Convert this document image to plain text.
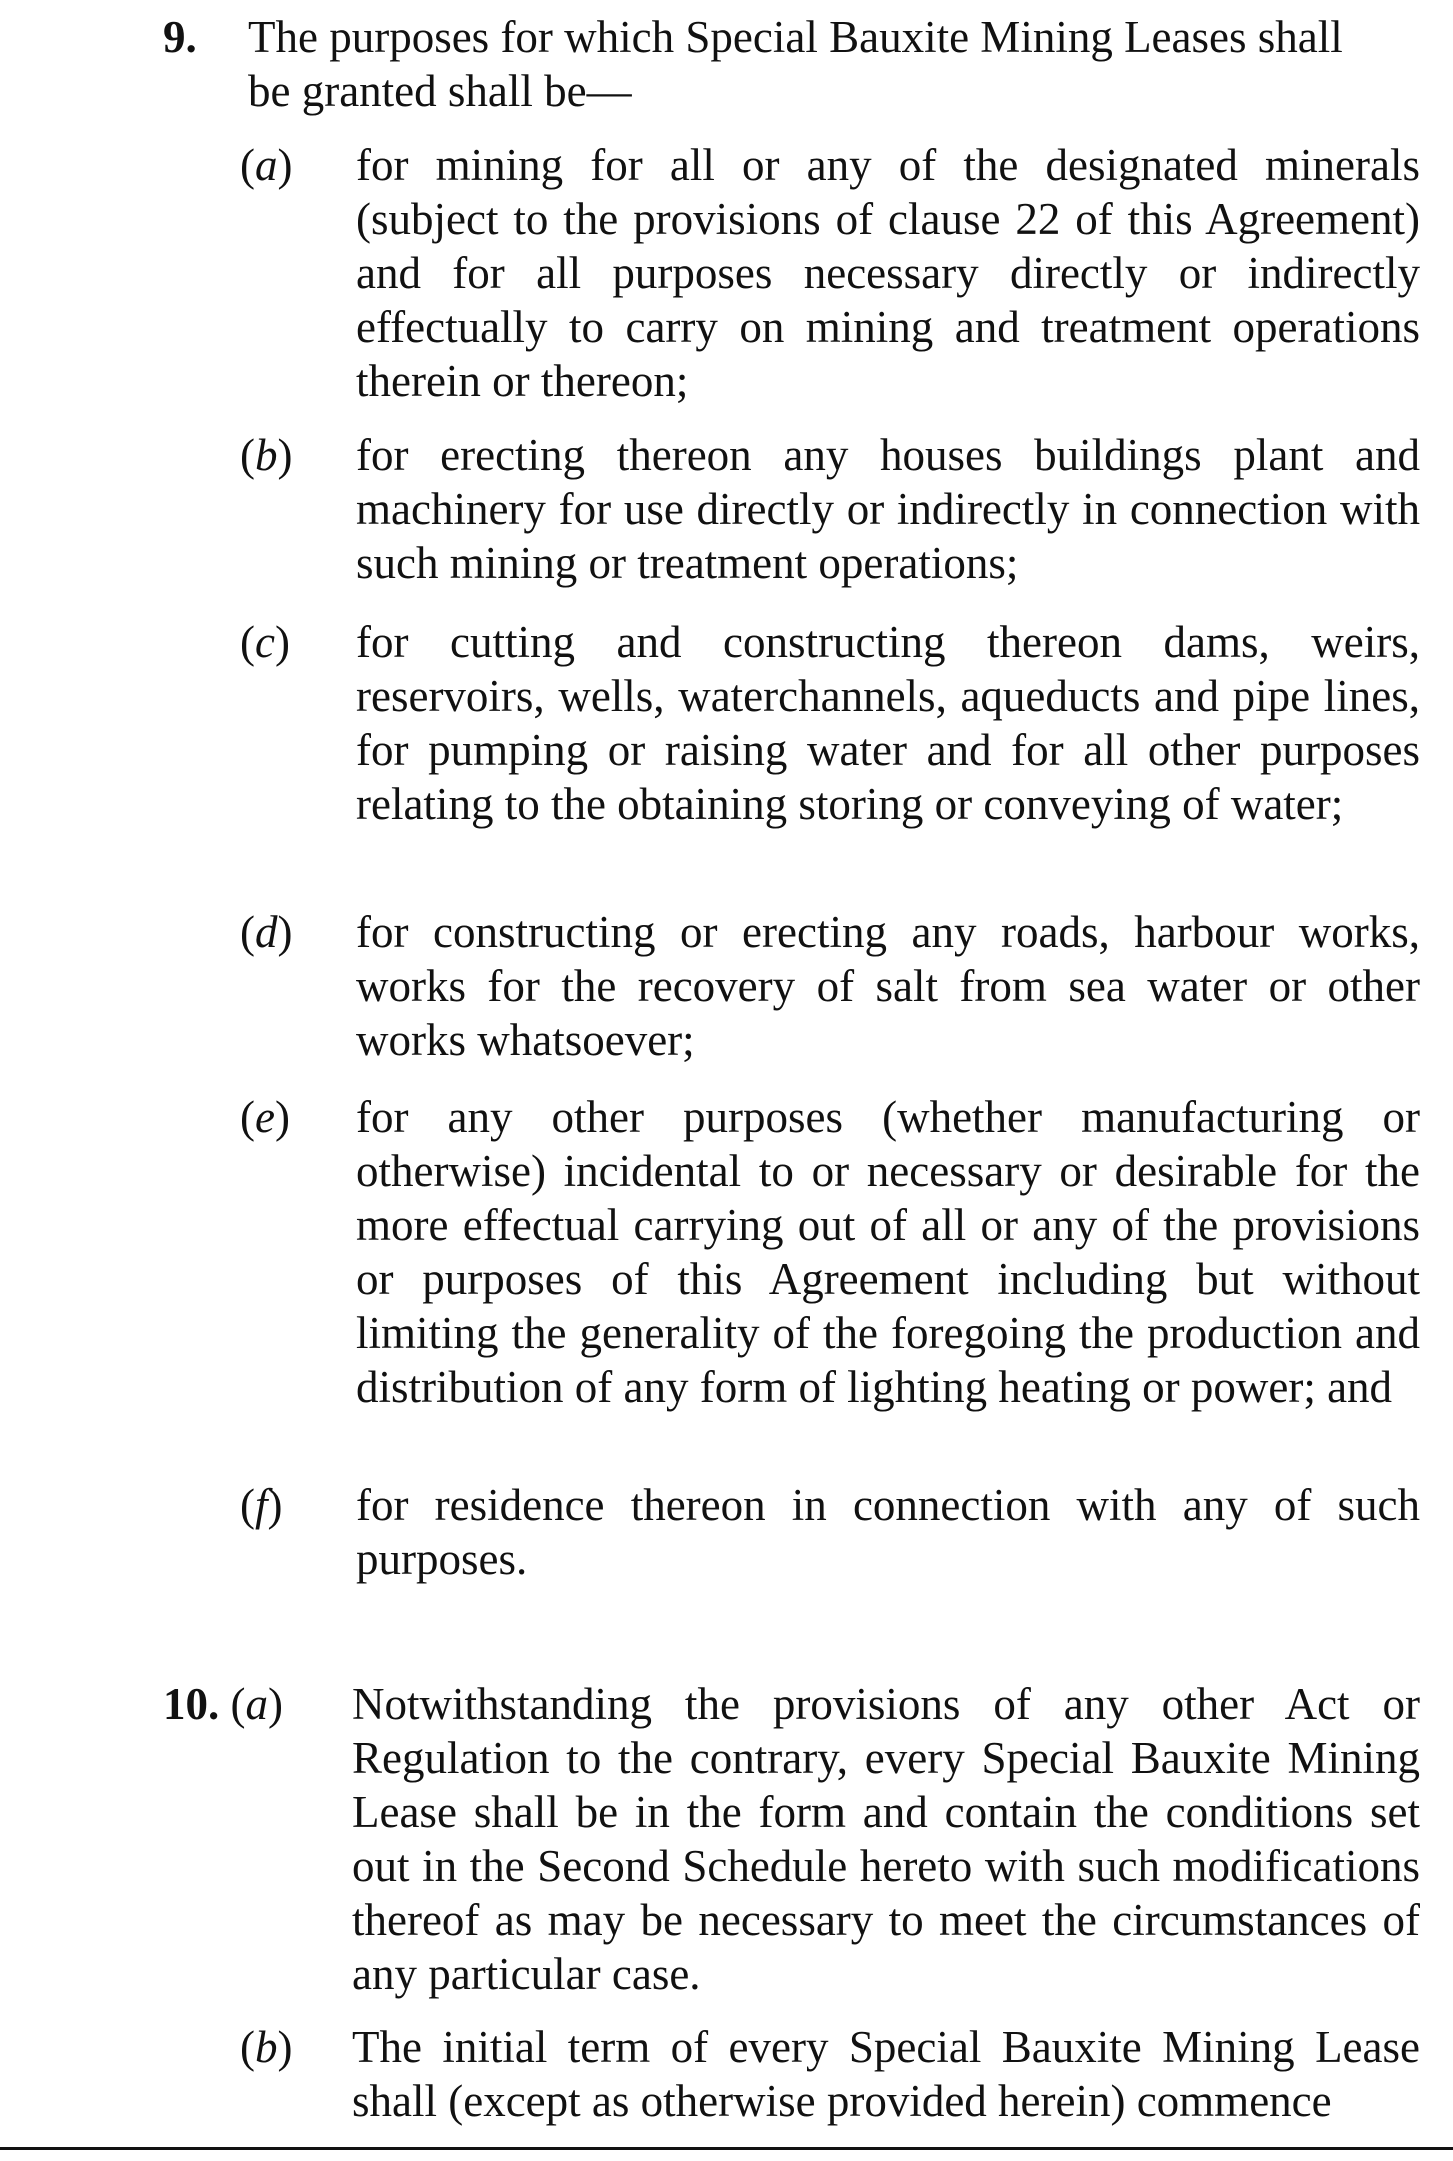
9. The purposes for which Special Bauxite Mining Leases shall
be granted shall be—
(a)	for mining for all or any of the designated minerals (subject to the provisions of clause 22 of this Agreement) and for all purposes necessary directly or indirectly effectually to carry on mining and treatment operations therein or thereon;
(b)	for erecting thereon any houses buildings plant and machinery for use directly or indirectly in connection with such mining or treatment operations;
(c)	for cutting and constructing thereon dams, weirs, reservoirs, wells, waterchannels, aqueducts and pipe lines, for pumping or raising water and for all other purposes relating to the obtaining storing or conveying of water;
(d)	for constructing or erecting any roads, harbour works, works for the recovery of salt from sea water or other works whatsoever;
(e)	for any other purposes (whether manufacturing or otherwise) incidental to or necessary or desirable for the more effectual carrying out of all or any of the provisions or purposes of this Agreement including but without limiting the generality of the foregoing the production and distribution of any form of lighting heating or power; and
(f)	for residence thereon in connection with any of such purposes.
10. (a) Notwithstanding the provisions of any other Act or Regulation to the contrary, every Special Bauxite Mining Lease shall be in the form and contain the conditions set out in the Second Schedule hereto with such modifications thereof as may be necessary to meet the circumstances of any particular case.
(b)	The initial term of every Special Bauxite Mining Lease shall (except as otherwise provided herein) commence
